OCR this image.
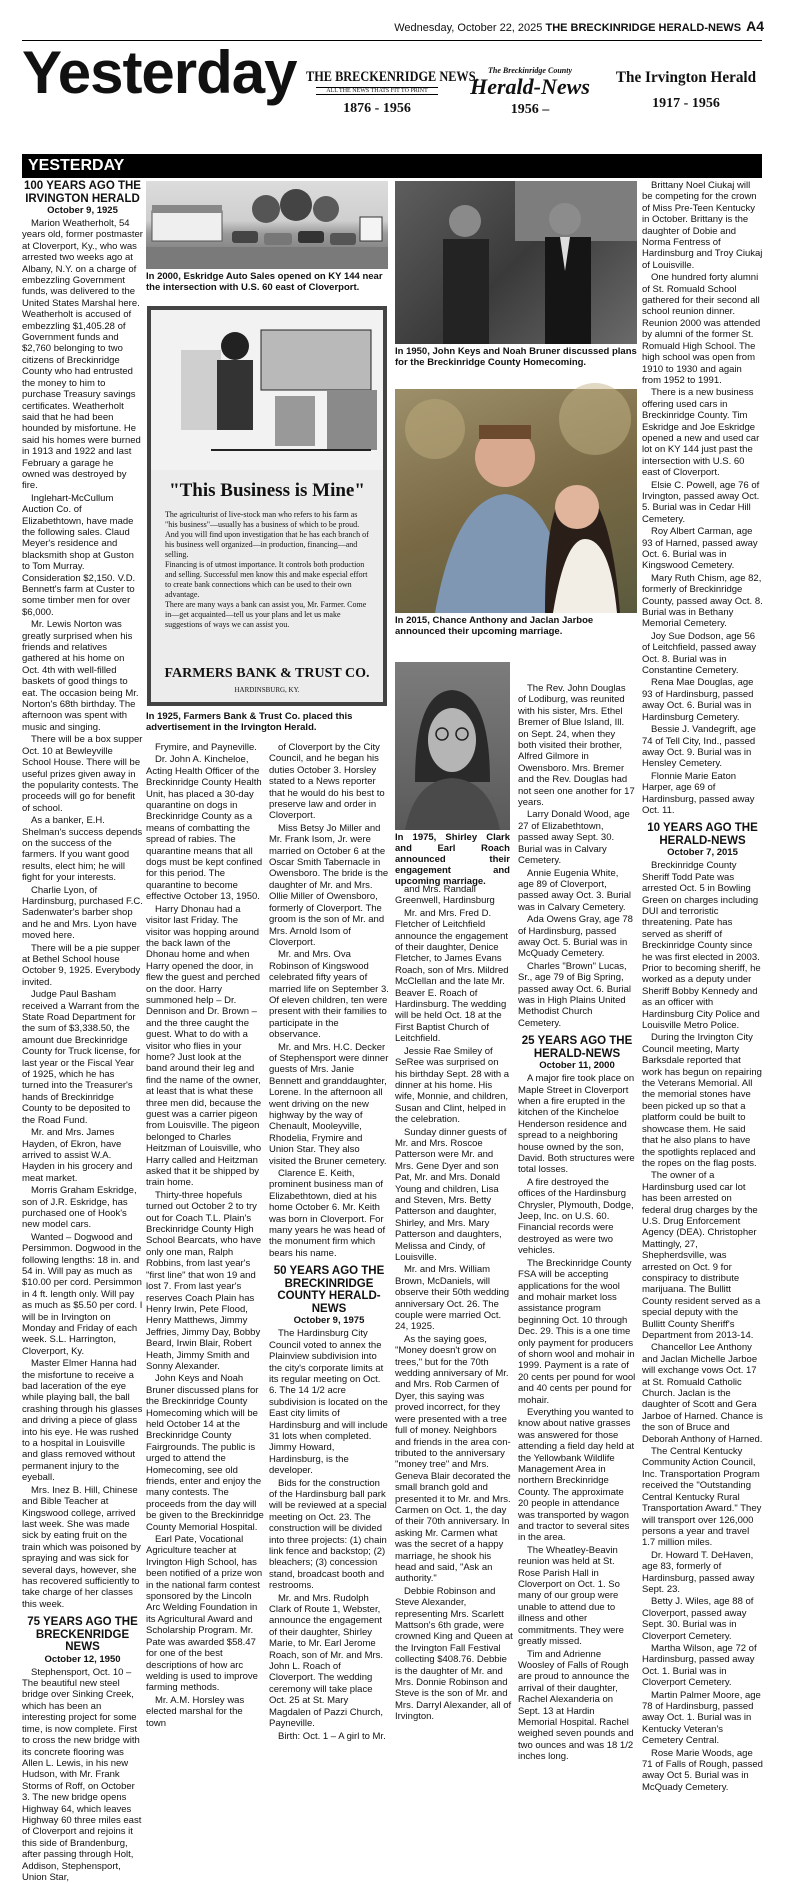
Wednesday, October 22, 2025 THE BRECKINRIDGE HERALD-NEWS A4
Yesterday THE BRECKENRIDGE NEWS.
ALL THE NEWS THATS FIT TO PRINT
1876 - 1956
The Breckinridge County
Herald-News
1956 –
The Irvington Herald
1917 - 1956
YESTERDAY
100 YEARS AGO THE IRVINGTON HERALD
October 9, 1925

Marion Weatherholt, 54 years old, former postmaster at Cloverport, Ky., who was arrested two weeks ago at Albany, N.Y. on a charge of embezzling Government funds, was delivered to the United States Marshal here. Weatherholt is accused of embezzling $1,405.28 of Government funds and $2,760 belonging to two citizens of Breckinridge County who had entrusted the money to him to purchase Treasury savings certificates. Weatherholt said that he had been hounded by misfortune. He said his homes were burned in 1913 and 1922 and last February a garage he owned was destroyed by fire.

Inglehart-McCullum Auction Co. of Elizabethtown, have made the following sales. Claud Meyer's residence and blacksmith shop at Guston to Tom Murray. Consideration $2,150. V.D. Bennett's farm at Custer to some timber men for over $6,000.

Mr. Lewis Norton was greatly surprised when his friends and relatives gathered at his home on Oct. 4th with well-filled baskets of good things to eat. The occasion being Mr. Norton's 68th birthday. The afternoon was spent with music and singing.

There will be a box supper Oct. 10 at Bewleyville School House. There will be useful prizes given away in the popularity contests. The proceeds will go for benefit of school.

As a banker, E.H. Shelman's success depends on the success of the farmers. If you want good results, elect him; he will fight for your interests.

Charlie Lyon, of Hardinsburg, purchased F.C. Sadenwater's barber shop and he and Mrs. Lyon have moved here.

There will be a pie supper at Bethel School house October 9, 1925. Everybody invited.

Judge Paul Basham received a Warrant from the State Road Department for the sum of $3,338.50, the amount due Breckinridge County for Truck license, for last year or the Fiscal Year of 1925, which he has turned into the Treasurer's hands of Breckinridge County to be deposited to the Road Fund.

Mr. and Mrs. James Hayden, of Ekron, have arrived to assist W.A. Hayden in his grocery and meat market.

Morris Graham Eskridge, son of J.R. Eskridge, has purchased one of Hook's new model cars.

Wanted – Dogwood and Persimmon. Dogwood in the following lengths: 18 in. and 54 in. Will pay as much as $10.00 per cord. Persimmon in 4 ft. length only. Will pay as much as $5.50 per cord. I will be in Irvington on Monday and Friday of each week. S.L. Harrington, Cloverport, Ky.

Master Elmer Hanna had the misfortune to receive a bad laceration of the eye while playing ball, the ball crashing through his glasses and driving a piece of glass into his eye. He was rushed to a hospital in Louisville and glass removed without permanent injury to the eyeball.

Mrs. Inez B. Hill, Chinese and Bible Teacher at Kingswood college, arrived last week. She was made sick by eating fruit on the train which was poisoned by spraying and was sick for several days, however, she has recovered sufficiently to take charge of her classes this week.

75 YEARS AGO THE BRECKENRIDGE NEWS
October 12, 1950

Stephensport, Oct. 10 – The beautiful new steel bridge over Sinking Creek, which has been an interesting project for some time, is now complete. First to cross the new bridge with its concrete flooring was Allen L. Lewis, in his new Hudson, with Mr. Frank Storms of Roff, on October 3. The new bridge opens Highway 64, which leaves Highway 60 three miles east of Cloverport and rejoins it this side of Brandenburg, after passing through Holt, Addison, Stephensport, Union Star,

In 2000, Eskridge Auto Sales opened on KY 144 near the intersection with U.S. 60 east of Cloverport.
"This Business is Mine"

The agriculturist of live-stock man who refers to his farm as "his business"—usually has a business of which to be proud. And you will find upon investigation that he has each branch of his business well organized—in production, financing—and selling.

Financing is of utmost importance. It controls both production and selling. Successful men know this and make especial effort to create bank connections which can be used to their own advantage.

There are many ways a bank can assist you, Mr. Farmer. Come in—get acquainted—tell us your plans and let us make suggestions of ways we can assist you.

FARMERS BANK & TRUST CO.
HARDINSBURG, KY.
In 1925, Farmers Bank & Trust Co. placed this advertisement in the Irvington Herald.
In 1950, John Keys and Noah Bruner discussed plans for the Breckinridge County Homecoming.
In 2015, Chance Anthony and Jaclan Jarboe announced their upcoming marriage.
In 1975, Shirley Clark and Earl Roach announced their engagement and upcoming marriage.

Frymire, and Payneville.

Dr. John A. Kincheloe, Acting Health Officer of the Breckinridge County Health Unit, has placed a 30-day quarantine on dogs in Breckinridge County as a means of combatting the spread of rabies. The quarantine means that all dogs must be kept confined for this period. The quarantine to become effective October 13, 1950.

Harry Dhonau had a visitor last Friday. The visitor was hopping around the back lawn of the Dhonau home and when Harry opened the door, in flew the guest and perched on the door. Harry summoned help – Dr. Dennison and Dr. Brown – and the three caught the guest. What to do with a visitor who flies in your home? Just look at the band around their leg and find the name of the owner, at least that is what these three men did, because the guest was a carrier pigeon from Louisville. The pigeon belonged to Charles Heitzman of Louisville, who Harry called and Heitzman asked that it be shipped by train home.

Thirty-three hopefuls turned out October 2 to try out for Coach T.L. Plain's Breckinridge County High School Bearcats, who have only one man, Ralph Robbins, from last year's "first line" that won 19 and lost 7. From last year's reserves Coach Plain has Henry Irwin, Pete Flood, Henry Matthews, Jimmy Jeffries, Jimmy Day, Bobby Beard, Irwin Blair, Robert Heath, Jimmy Smith and Sonny Alexander.

John Keys and Noah Bruner discussed plans for the Breckinridge County Homecoming which will be held October 14 at the Breckinridge County Fairgrounds. The public is urged to attend the Homecoming, see old friends, enter and enjoy the many contests. The proceeds from the day will be given to the Breckinridge County Memorial Hospital.

Earl Pate, Vocational Agriculture teacher at Irvington High School, has been notified of a prize won in the national farm contest sponsored by the Lincoln Arc Welding Foundation in its Agricultural Award and Scholarship Program. Mr. Pate was awarded $58.47 for one of the best descriptions of how arc welding is used to improve farming methods.

Mr. A.M. Horsley was elected marshal for the town

of Cloverport by the City Council, and he began his duties October 3. Horsley stated to a News reporter that he would do his best to preserve law and order in Cloverport.

Miss Betsy Jo Miller and Mr. Frank Isom, Jr. were married on October 6 at the Oscar Smith Tabernacle in Owensboro. The bride is the daughter of Mr. and Mrs. Ollie Miller of Owensboro, formerly of Cloverport. The groom is the son of Mr. and Mrs. Arnold Isom of Cloverport.

Mr. and Mrs. Ova Robinson of Kingswood celebrated fifty years of married life on September 3. Of eleven children, ten were present with their families to participate in the observance.

Mr. and Mrs. H.C. Decker of Stephensport were dinner guests of Mrs. Janie Bennett and granddaughter, Lorene. In the afternoon all went driving on the new highway by the way of Chenault, Mooleyville, Rhodelia, Frymire and Union Star. They also visited the Bruner cemetery.

Clarence E. Keith, prominent business man of Elizabethtown, died at his home October 6. Mr. Keith was born in Cloverport. For many years he was head of the monument firm which bears his name.

50 YEARS AGO THE BRECKINRIDGE COUNTY HERALD-NEWS
October 9, 1975

The Hardinsburg City Council voted to annex the Plainview subdivision into the city's corporate limits at its regular meeting on Oct. 6. The 14 1/2 acre subdivision is located on the East city limits of Hardinsburg and will include 31 lots when completed. Jimmy Howard, Hardinsburg, is the developer.

Bids for the construction of the Hardinsburg ball park will be reviewed at a special meeting on Oct. 23. The construction will be divided into three projects: (1) chain link fence and backstop; (2) bleachers; (3) concession stand, broadcast booth and restrooms.

Mr. and Mrs. Rudolph Clark of Route 1, Webster, announce the engagement of their daughter, Shirley Marie, to Mr. Earl Jerome Roach, son of Mr. and Mrs. John L. Roach of Cloverport. The wedding ceremony will take place Oct. 25 at St. Mary Magdalen of Pazzi Church, Payneville.

Birth: Oct. 1 – A girl to Mr.

and Mrs. Randall Greenwell, Hardinsburg

Mr. and Mrs. Fred D. Fletcher of Leitchfield announce the engagement of their daughter, Denice Fletcher, to James Evans Roach, son of Mrs. Mildred McClellan and the late Mr. Beaver E. Roach of Hardinsburg. The wedding will be held Oct. 18 at the First Baptist Church of Leitchfield.

Jessie Rae Smiley of SeRee was surprised on his birthday Sept. 28 with a dinner at his home. His wife, Monnie, and children, Susan and Clint, helped in the celebration.

Sunday dinner guests of Mr. and Mrs. Roscoe Patterson were Mr. and Mrs. Gene Dyer and son Pat, Mr. and Mrs. Donald Young and children, Lisa and Steven, Mrs. Betty Patterson and daughter, Shirley, and Mrs. Mary Patterson and daughters, Melissa and Cindy, of Louisville.

Mr. and Mrs. William Brown, McDaniels, will observe their 50th wedding anniversary Oct. 26. The couple were married Oct. 24, 1925.

As the saying goes, "Money doesn't grow on trees," but for the 70th wedding anniversary of Mr. and Mrs. Rob Carmen of Dyer, this saying was proved incorrect, for they were presented with a tree full of money. Neighbors and friends in the area con-tributed to the anniversary "money tree" and Mrs. Geneva Blair decorated the small branch gold and presented it to Mr. and Mrs. Carmen on Oct. 1, the day of their 70th anniversary. In asking Mr. Carmen what was the secret of a happy marriage, he shook his head and said, "Ask an authority."

Debbie Robinson and Steve Alexander, representing Mrs. Scarlett Mattson's 6th grade, were crowned King and Queen at the Irvington Fall Festival collecting $408.76. Debbie is the daughter of Mr. and Mrs. Donnie Robinson and Steve is the son of Mr. and Mrs. Darryl Alexander, all of Irvington.

The Rev. John Douglas of Lodiburg, was reunited with his sister, Mrs. Ethel Bremer of Blue Island, Ill. on Sept. 24, when they both visited their brother, Alfred Gilmore in Owensboro. Mrs. Bremer and the Rev. Douglas had not seen one another for 17 years.

Larry Donald Wood, age 27 of Elizabethtown, passed away Sept. 30. Burial was in Calvary Cemetery.

Annie Eugenia White, age 89 of Cloverport, passed away Oct. 3. Burial was in Calvary Cemetery.

Ada Owens Gray, age 78 of Hardinsburg, passed away Oct. 5. Burial was in McQuady Cemetery.

Charles "Brown" Lucas, Sr., age 79 of Big Spring, passed away Oct. 6. Burial was in High Plains United Methodist Church Cemetery.

25 YEARS AGO THE HERALD-NEWS
October 11, 2000

A major fire took place on Maple Street in Cloverport when a fire erupted in the kitchen of the Kincheloe Henderson residence and spread to a neighboring house owned by the son, David. Both structures were total losses.

A fire destroyed the offices of the Hardinsburg Chrysler, Plymouth, Dodge, Jeep, Inc. on U.S. 60. Financial records were destroyed as were two vehicles.

The Breckinridge County FSA will be accepting applications for the wool and mohair market loss assistance program beginning Oct. 10 through Dec. 29. This is a one time only payment for producers of shorn wool and mohair in 1999. Payment is a rate of 20 cents per pound for wool and 40 cents per pound for mohair.

Everything you wanted to know about native grasses was answered for those attending a field day held at the Yellowbank Wildlife Management Area in northern Breckinridge County. The approximate 20 people in attendance was transported by wagon and tractor to several sites in the area.

The Wheatley-Beavin reunion was held at St. Rose Parish Hall in Cloverport on Oct. 1. So many of our group were unable to attend due to illness and other commitments. They were greatly missed.

Tim and Adrienne Woosley of Falls of Rough are proud to announce the arrival of their daughter, Rachel Alexanderia on Sept. 13 at Hardin Memorial Hospital. Rachel weighed seven pounds and two ounces and was 18 1/2 inches long.

Brittany Noel Ciukaj will be competing for the crown of Miss Pre-Teen Kentucky in October. Brittany is the daughter of Dobie and Norma Fentress of Hardinsburg and Troy Ciukaj of Louisville.

One hundred forty alumni of St. Romuald School gathered for their second all school reunion dinner. Reunion 2000 was attended by alumni of the former St. Romuald High School. The high school was open from 1910 to 1930 and again from 1952 to 1991.

There is a new business offering used cars in Breckinridge County. Tim Eskridge and Joe Eskridge opened a new and used car lot on KY 144 just past the intersection with U.S. 60 east of Cloverport.

Elsie C. Powell, age 76 of Irvington, passed away Oct. 5. Burial was in Cedar Hill Cemetery.

Roy Albert Carman, age 93 of Harned, passed away Oct. 6. Burial was in Kingswood Cemetery.

Mary Ruth Chism, age 82, formerly of Breckinridge County, passed away Oct. 8. Burial was in Bethany Memorial Cemetery.

Joy Sue Dodson, age 56 of Leitchfield, passed away Oct. 8. Burial was in Constantine Cemetery.

Rena Mae Douglas, age 93 of Hardinsburg, passed away Oct. 6. Burial was in Hardinsburg Cemetery.

Bessie J. Vandegrift, age 74 of Tell City, Ind., passed away Oct. 9. Burial was in Hensley Cemetery.

Flonnie Marie Eaton Harper, age 69 of Hardinsburg, passed away Oct. 11.

10 YEARS AGO THE HERALD-NEWS
October 7, 2015

Breckinridge County Sheriff Todd Pate was arrested Oct. 5 in Bowling Green on charges including DUI and terroristic threatening. Pate has served as sheriff of Breckinridge County since he was first elected in 2003. Prior to becoming sheriff, he worked as a deputy under Sheriff Bobby Kennedy and as an officer with Hardinsburg City Police and Louisville Metro Police.

During the Irvington City Council meeting, Marty Barksdale reported that work has begun on repairing the Veterans Memorial. All the memorial stones have been picked up so that a platform could be built to showcase them. He said that he also plans to have the spotlights replaced and the ropes on the flag posts.

The owner of a Hardinsburg used car lot has been arrested on federal drug charges by the U.S. Drug Enforcement Agency (DEA). Christopher Mattingly, 27, Shepherdsville, was arrested on Oct. 9 for conspiracy to distribute marijuana. The Bullitt County resident served as a special deputy with the Bullitt County Sheriff's Department from 2013-14.

Chancellor Lee Anthony and Jaclan Michelle Jarboe will exchange vows Oct. 17 at St. Romuald Catholic Church. Jaclan is the daughter of Scott and Gera Jarboe of Harned. Chance is the son of Bruce and Deborah Anthony of Harned.

The Central Kentucky Community Action Council, Inc. Transportation Program received the "Outstanding Central Kentucky Rural Transportation Award." They will transport over 126,000 persons a year and travel 1.7 million miles.

Dr. Howard T. DeHaven, age 83, formerly of Hardinsburg, passed away Sept. 23.

Betty J. Wiles, age 88 of Cloverport, passed away Sept. 30. Burial was in Cloverport Cemetery.

Martha Wilson, age 72 of Hardinsburg, passed away Oct. 1. Burial was in Cloverport Cemetery.

Martin Palmer Moore, age 78 of Hardinsburg, passed away Oct. 1. Burial was in Kentucky Veteran's Cemetery Central.

Rose Marie Woods, age 71 of Falls of Rough, passed away Oct 5. Burial was in McQuady Cemetery.
